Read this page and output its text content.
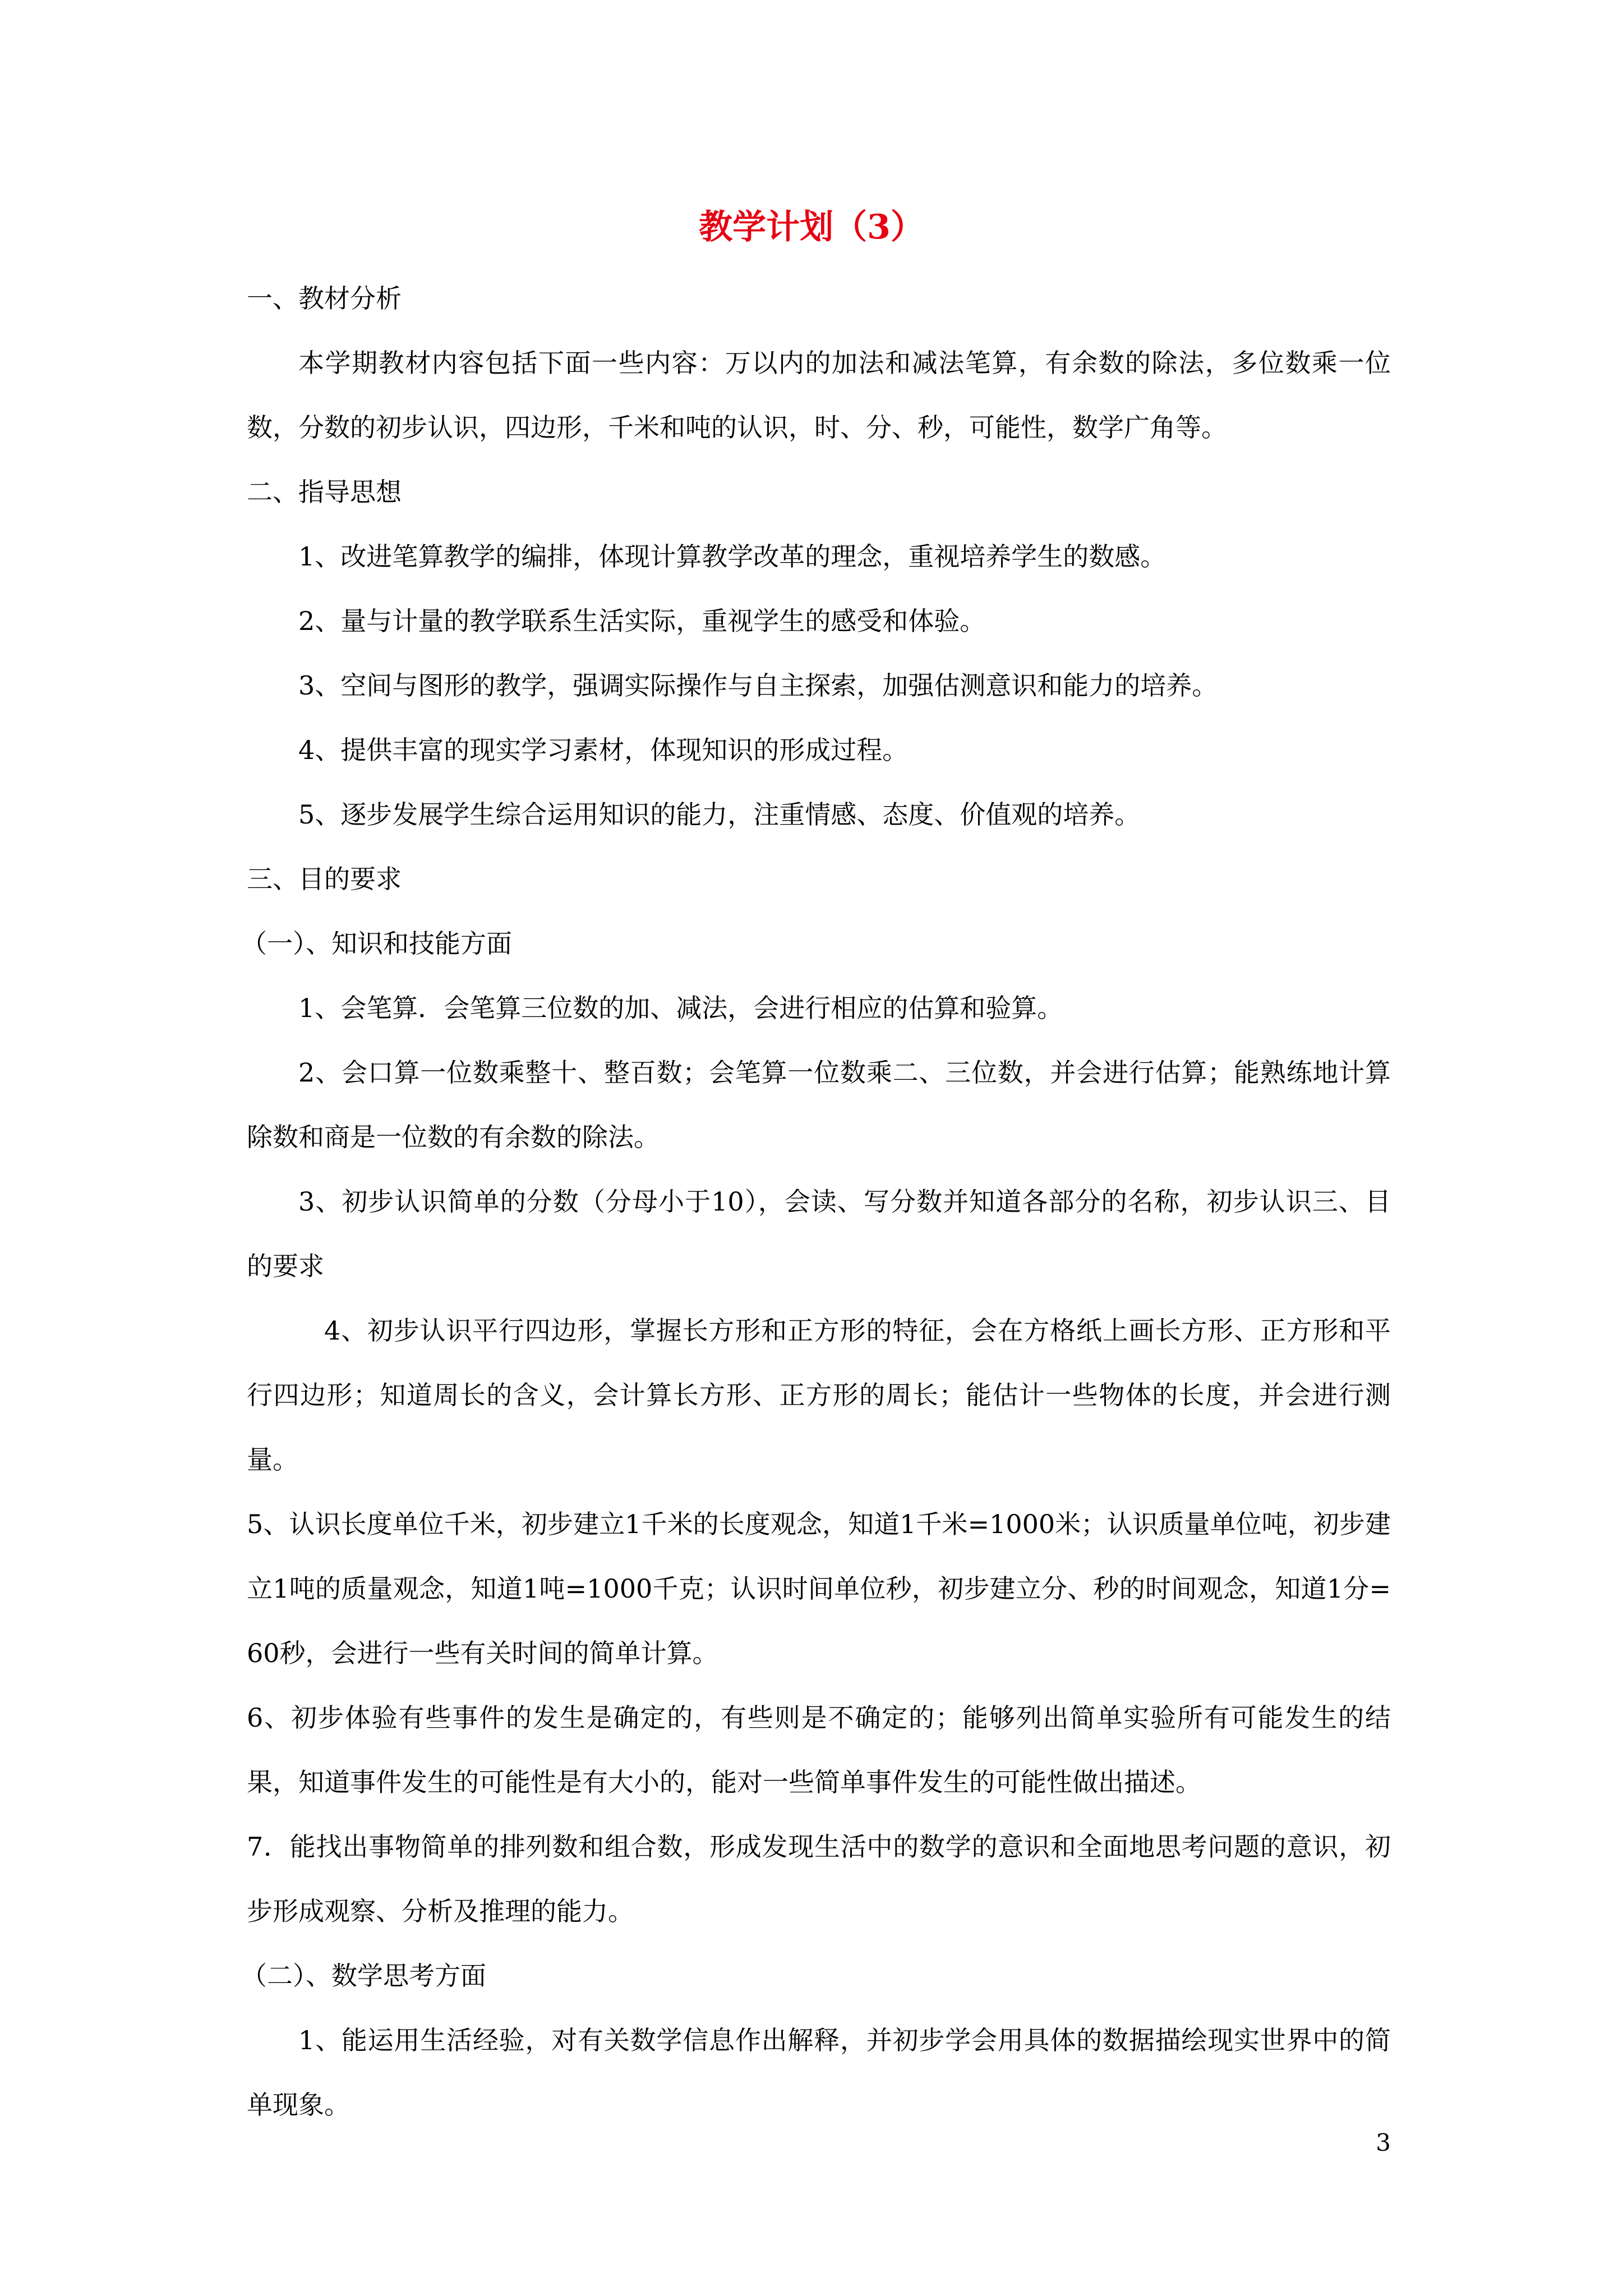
教学计划（3）

一、教材分析

本学期教材内容包括下面一些内容：万以内的加法和减法笔算，有余数的除法，多位数乘一位数，分数的初步认识，四边形，千米和吨的认识，时、分、秒，可能性，数学广角等。

二、指导思想

1、改进笔算教学的编排，体现计算教学改革的理念，重视培养学生的数感。

2、量与计量的教学联系生活实际，重视学生的感受和体验。

3、空间与图形的教学，强调实际操作与自主探索，加强估测意识和能力的培养。

4、提供丰富的现实学习素材，体现知识的形成过程。

5、逐步发展学生综合运用知识的能力，注重情感、态度、价值观的培养。

三、目的要求

（一）、知识和技能方面

1、会笔算．会笔算三位数的加、减法，会进行相应的估算和验算。

2、会口算一位数乘整十、整百数；会笔算一位数乘二、三位数，并会进行估算；能熟练地计算除数和商是一位数的有余数的除法。

3、初步认识简单的分数（分母小于10），会读、写分数并知道各部分的名称，初步认识三、目的要求

4、初步认识平行四边形，掌握长方形和正方形的特征，会在方格纸上画长方形、正方形和平行四边形；知道周长的含义，会计算长方形、正方形的周长；能估计一些物体的长度，并会进行测量。

5、认识长度单位千米，初步建立1千米的长度观念，知道1千米=1000米；认识质量单位吨，初步建立1吨的质量观念，知道1吨=1000千克；认识时间单位秒，初步建立分、秒的时间观念，知道1分=60秒，会进行一些有关时间的简单计算。

6、初步体验有些事件的发生是确定的，有些则是不确定的；能够列出简单实验所有可能发生的结果，知道事件发生的可能性是有大小的，能对一些简单事件发生的可能性做出描述。

7．能找出事物简单的排列数和组合数，形成发现生活中的数学的意识和全面地思考问题的意识，初步形成观察、分析及推理的能力。

（二）、数学思考方面

1、能运用生活经验，对有关数学信息作出解释，并初步学会用具体的数据描绘现实世界中的简单现象。

3
